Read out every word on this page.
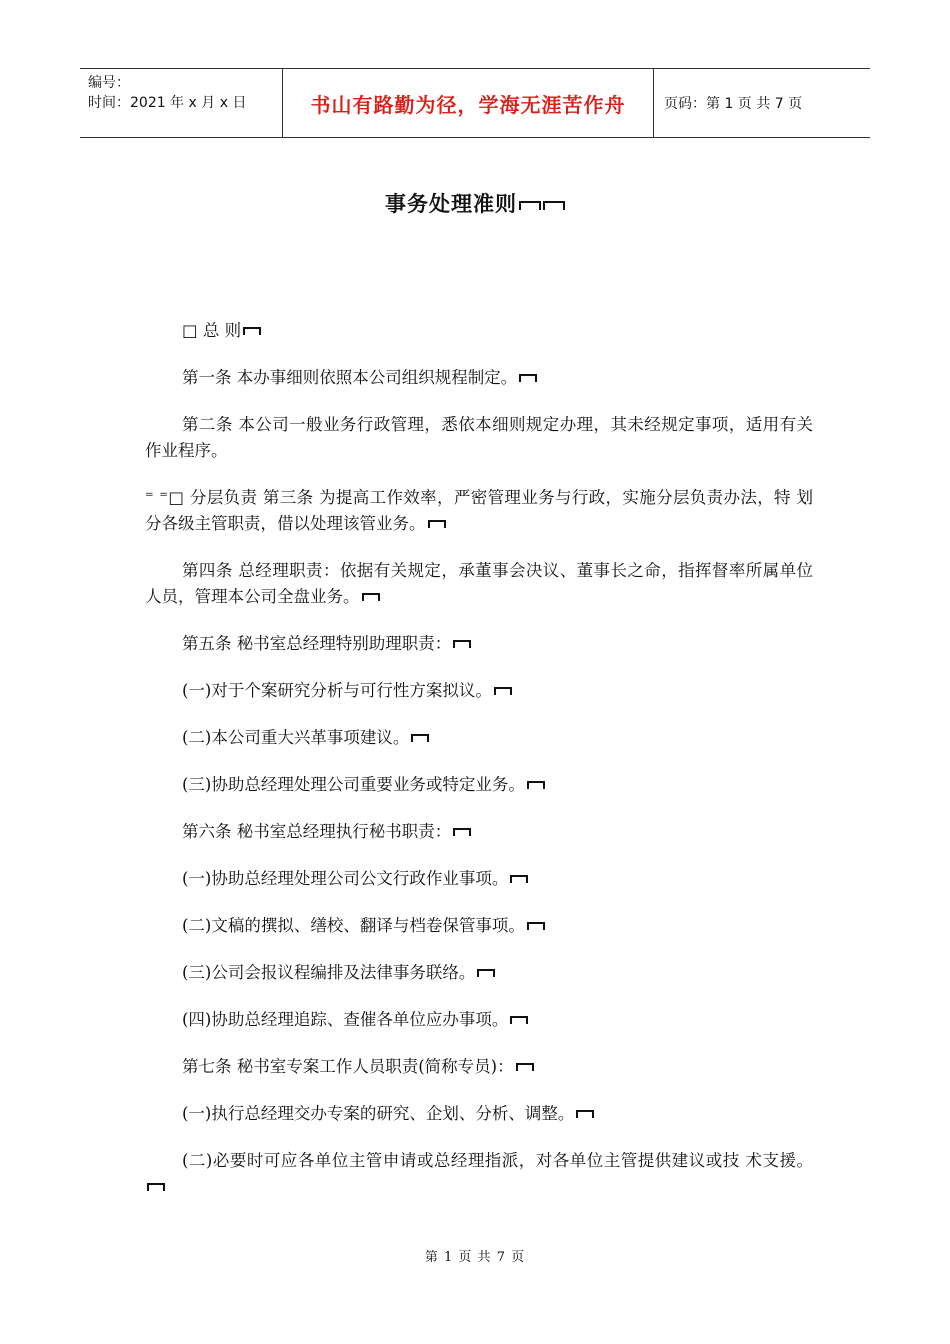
编号：
时间：2021 年 x 月 x 日	书山有路勤为径，学海无涯苦作舟	页码：第 1 页 共 7 页
事务处理准则

□ 总 则

第一条 本办事细则依照本公司组织规程制定。

第二条 本公司一般业务行政管理，悉依本细则规定办理，其未经规定事项，适用有关作业程序。

⁼ ⁼□ 分层负责 第三条 为提高工作效率，严密管理业务与行政，实施分层负责办法，特 划分各级主管职责，借以处理该管业务。

第四条 总经理职责：依据有关规定，承董事会决议、董事长之命，指挥督率所属单位人员，管理本公司全盘业务。

第五条 秘书室总经理特别助理职责：

(一)对于个案研究分析与可行性方案拟议。

(二)本公司重大兴革事项建议。

(三)协助总经理处理公司重要业务或特定业务。

第六条 秘书室总经理执行秘书职责：

(一)协助总经理处理公司公文行政作业事项。

(二)文稿的撰拟、缮校、翻译与档卷保管事项。

(三)公司会报议程编排及法律事务联络。

(四)协助总经理追踪、查催各单位应办事项。

第七条 秘书室专案工作人员职责(简称专员)：

(一)执行总经理交办专案的研究、企划、分析、调整。

(二)必要时可应各单位主管申请或总经理指派，对各单位主管提供建议或技 术支援。

第 1 页 共 7 页
